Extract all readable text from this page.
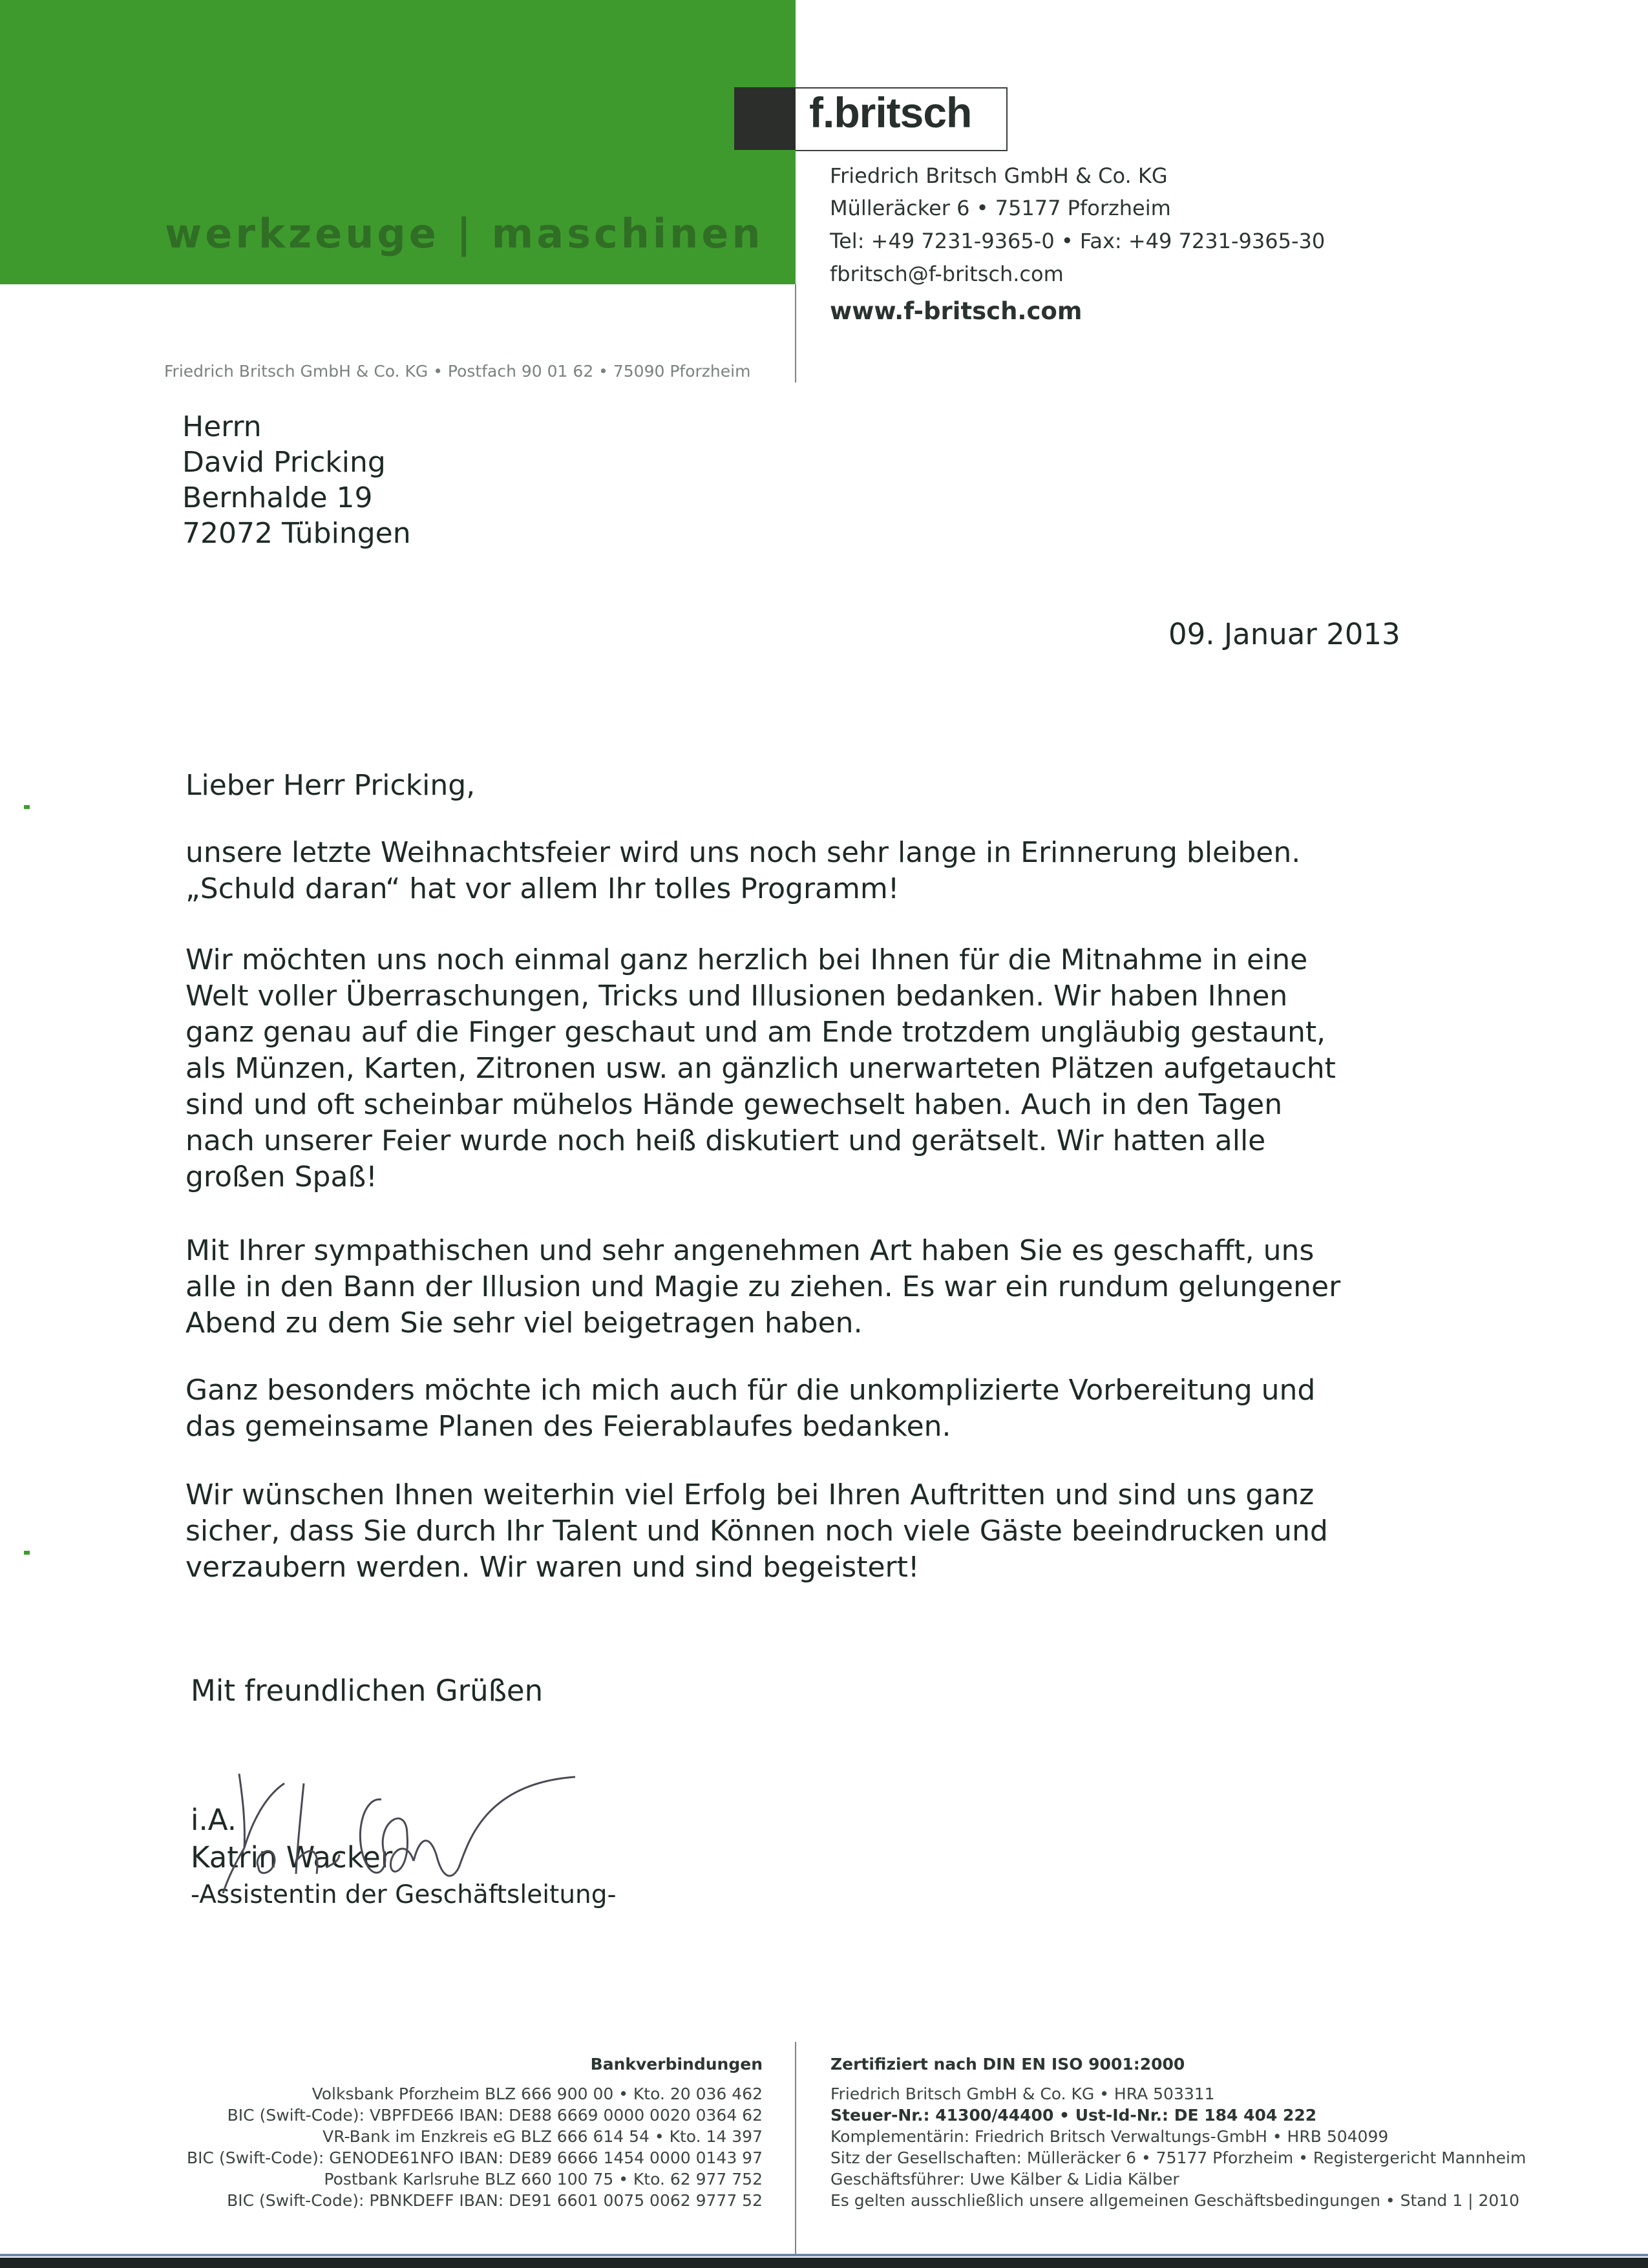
werkzeuge | maschinen
f.britsch
Friedrich Britsch GmbH & Co. KG
Mülleräcker 6 • 75177 Pforzheim
Tel: +49 7231-9365-0 • Fax: +49 7231-9365-30
fbritsch@f-britsch.com
www.f-britsch.com
Friedrich Britsch GmbH & Co. KG • Postfach 90 01 62 • 75090 Pforzheim
Herrn
David Pricking
Bernhalde 19
72072 Tübingen
09. Januar 2013
Lieber Herr Pricking,
unsere letzte Weihnachtsfeier wird uns noch sehr lange in Erinnerung bleiben.
„Schuld daran“ hat vor allem Ihr tolles Programm!
Wir möchten uns noch einmal ganz herzlich bei Ihnen für die Mitnahme in eine
Welt voller Überraschungen, Tricks und Illusionen bedanken. Wir haben Ihnen
ganz genau auf die Finger geschaut und am Ende trotzdem ungläubig gestaunt,
als Münzen, Karten, Zitronen usw. an gänzlich unerwarteten Plätzen aufgetaucht
sind und oft scheinbar mühelos Hände gewechselt haben. Auch in den Tagen
nach unserer Feier wurde noch heiß diskutiert und gerätselt. Wir hatten alle
großen Spaß!
Mit Ihrer sympathischen und sehr angenehmen Art haben Sie es geschafft, uns
alle in den Bann der Illusion und Magie zu ziehen. Es war ein rundum gelungener
Abend zu dem Sie sehr viel beigetragen haben.
Ganz besonders möchte ich mich auch für die unkomplizierte Vorbereitung und
das gemeinsame Planen des Feierablaufes bedanken.
Wir wünschen Ihnen weiterhin viel Erfolg bei Ihren Auftritten und sind uns ganz
sicher, dass Sie durch Ihr Talent und Können noch viele Gäste beeindrucken und
verzaubern werden. Wir waren und sind begeistert!
Mit freundlichen Grüßen
i.A.
Katrin Wacker
-Assistentin der Geschäftsleitung-
Bankverbindungen
Volksbank Pforzheim BLZ 666 900 00 • Kto. 20 036 462
BIC (Swift-Code): VBPFDE66 IBAN: DE88 6669 0000 0020 0364 62
VR-Bank im Enzkreis eG BLZ 666 614 54 • Kto. 14 397
BIC (Swift-Code): GENODE61NFO IBAN: DE89 6666 1454 0000 0143 97
Postbank Karlsruhe BLZ 660 100 75 • Kto. 62 977 752
BIC (Swift-Code): PBNKDEFF IBAN: DE91 6601 0075 0062 9777 52
Zertifiziert nach DIN EN ISO 9001:2000
Friedrich Britsch GmbH & Co. KG • HRA 503311
Steuer-Nr.: 41300/44400 • Ust-Id-Nr.: DE 184 404 222
Komplementärin: Friedrich Britsch Verwaltungs-GmbH • HRB 504099
Sitz der Gesellschaften: Mülleräcker 6 • 75177 Pforzheim • Registergericht Mannheim
Geschäftsführer: Uwe Kälber & Lidia Kälber
Es gelten ausschließlich unsere allgemeinen Geschäftsbedingungen • Stand 1 | 2010
